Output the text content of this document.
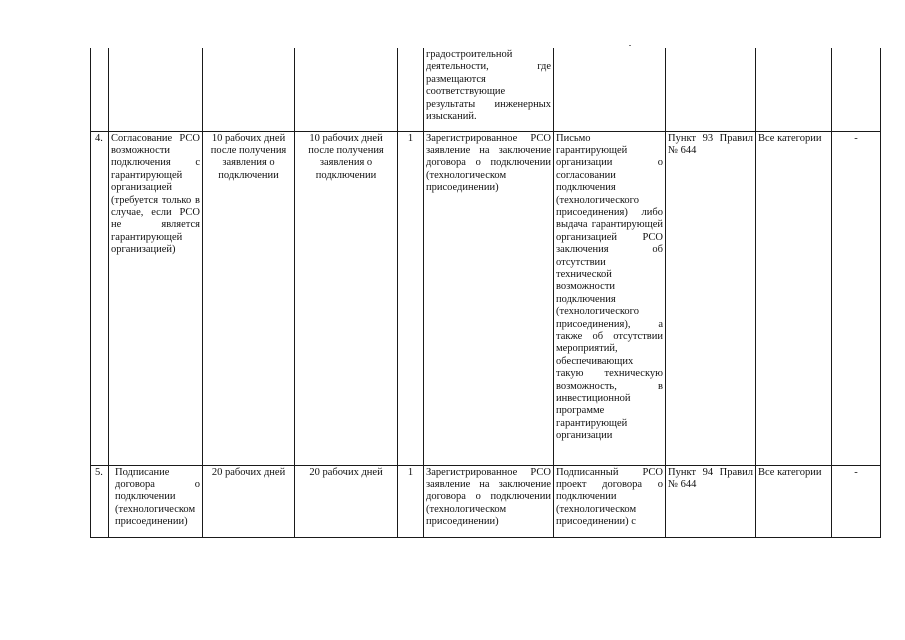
					градостроительной деятельности, где размещаются соответствующие результаты инженерных изысканий.				
4.	Согласование РСО возможности подключения с гарантирующей организацией (требуется только в случае, если РСО не является гарантирующей организацией)	10 рабочих дней после получения заявления о подключении	10 рабочих дней после получения заявления о подключении	1	Зарегистрированное РСО заявление на заключение договора о подключении (технологическом присоединении)	Письмо гарантирующей организации о согласовании подключения (технологического присоединения) либо выдача гарантирующей организацией РСО заключения об отсутствии технической возможности подключения (технологического присоединения), а также об отсутствии мероприятий, обеспечивающих такую техническую возможность, в инвестиционной программе гарантирующей организации	Пункт 93 Правил № 644	Все категории	-
5.	Подписание договора о подключении (технологическом присоединении)	20 рабочих дней	20 рабочих дней	1	Зарегистрированное РСО заявление на заключение договора о подключении (технологическом присоединении)	Подписанный РСО проект договора о подключении (технологическом присоединении) с	Пункт 94 Правил № 644	Все категории	-
